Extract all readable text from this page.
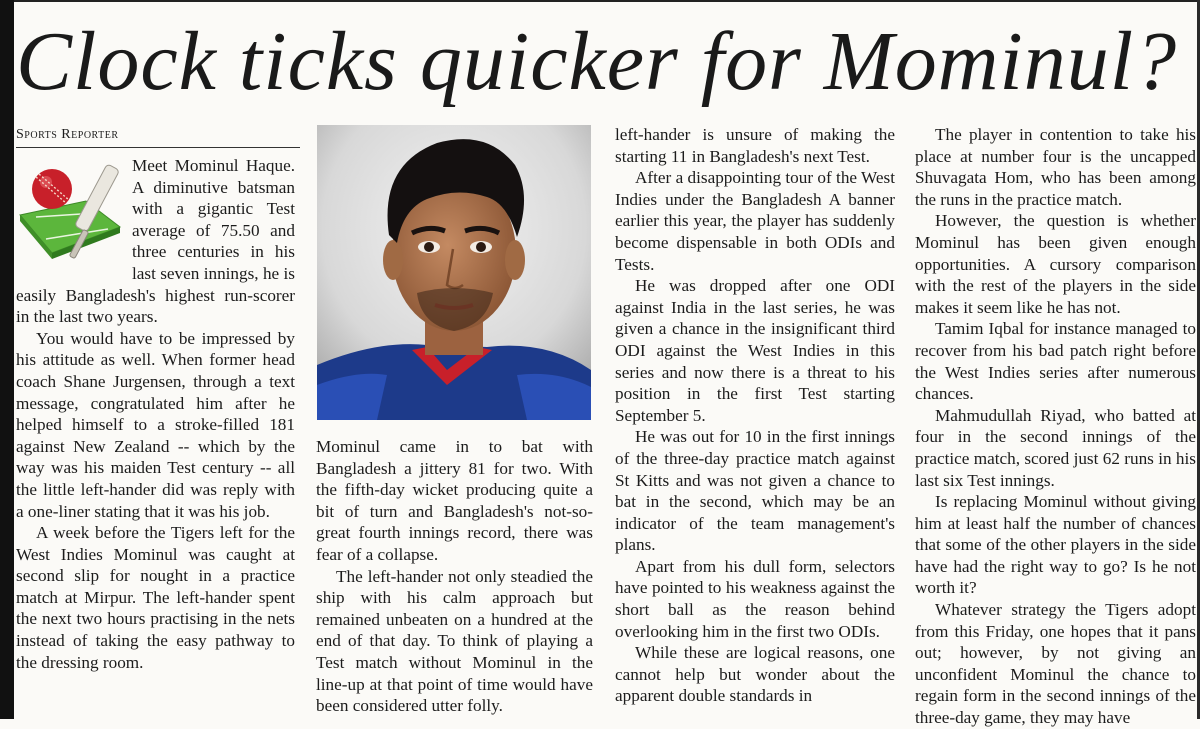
Clock ticks quicker for Mominul?
Sports Reporter

Meet Mominul Haque. A diminutive batsman with a gigantic Test average of 75.50 and three centuries in his last seven innings, he is easily Bangladesh's highest run-scorer in the last two years.

You would have to be impressed by his attitude as well. When former head coach Shane Jurgensen, through a text message, congratulated him after he helped himself to a stroke-filled 181 against New Zealand -- which by the way was his maiden Test century -- all the little left-hander did was reply with a one-liner stating that it was his job.

A week before the Tigers left for the West Indies Mominul was caught at second slip for nought in a practice match at Mirpur. The left-hander spent the next two hours practising in the nets instead of taking the easy pathway to the dressing room.

Mominul came in to bat with Bangladesh a jittery 81 for two. With the fifth-day wicket producing quite a bit of turn and Bangladesh's not-so-great fourth innings record, there was fear of a collapse.

The left-hander not only steadied the ship with his calm approach but remained unbeaten on a hundred at the end of that day. To think of playing a Test match without Mominul in the line-up at that point of time would have been considered utter folly.

left-hander is unsure of making the starting 11 in Bangladesh's next Test.

After a disappointing tour of the West Indies under the Bangladesh A banner earlier this year, the player has suddenly become dispensable in both ODIs and Tests.

He was dropped after one ODI against India in the last series, he was given a chance in the insignificant third ODI against the West Indies in this series and now there is a threat to his position in the first Test starting September 5.

He was out for 10 in the first innings of the three-day practice match against St Kitts and was not given a chance to bat in the second, which may be an indicator of the team management's plans.

Apart from his dull form, selectors have pointed to his weakness against the short ball as the reason behind overlooking him in the first two ODIs.

While these are logical reasons, one cannot help but wonder about the apparent double standards in

The player in contention to take his place at number four is the uncapped Shuvagata Hom, who has been among the runs in the practice match.

However, the question is whether Mominul has been given enough opportunities. A cursory comparison with the rest of the players in the side makes it seem like he has not.

Tamim Iqbal for instance managed to recover from his bad patch right before the West Indies series after numerous chances.

Mahmudullah Riyad, who batted at four in the second innings of the practice match, scored just 62 runs in his last six Test innings.

Is replacing Mominul without giving him at least half the number of chances that some of the other players in the side have had the right way to go? Is he not worth it?

Whatever strategy the Tigers adopt from this Friday, one hopes that it pans out; however, by not giving an unconfident Mominul the chance to regain form in the second innings of the three-day game, they may have
